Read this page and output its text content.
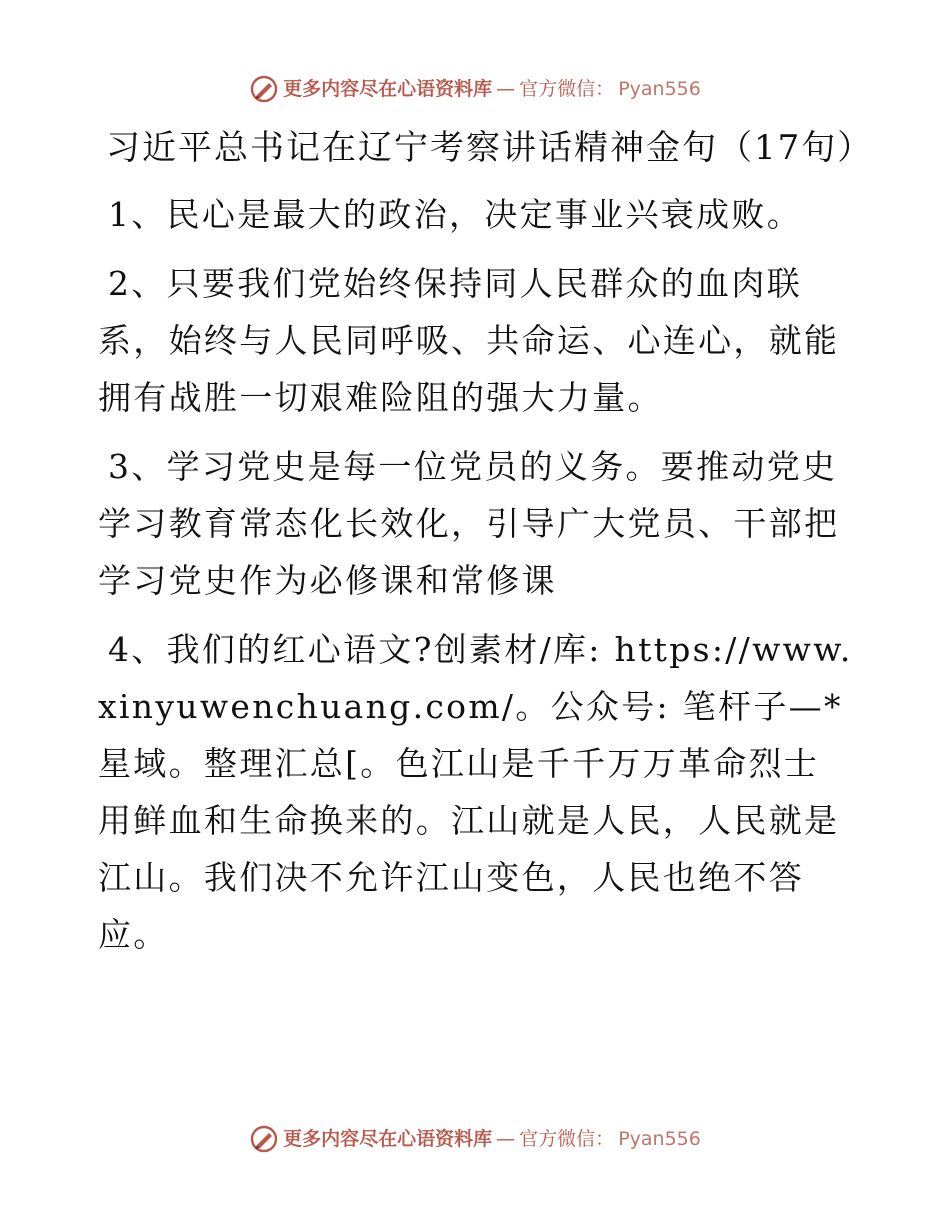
更多内容尽在心语资料库 — 官方微信： Pyan556
习近平总书记在辽宁考察讲话精神金句（17句）

1、民心是最大的政治，决定事业兴衰成败。

2、只要我们党始终保持同人民群众的血肉联系，始终与人民同呼吸、共命运、心连心，就能拥有战胜一切艰难险阻的强大力量。

3、学习党史是每一位党员的义务。要推动党史学习教育常态化长效化，引导广大党员、干部把学习党史作为必修课和常修课

4、我们的红心语文?创素材/库: https://www.xinyuwenchuang.com/。公众号: 笔杆子—*星域。整理汇总[。色江山是千千万万革命烈士用鲜血和生命换来的。江山就是人民，人民就是江山。我们决不允许江山变色，人民也绝不答应。

更多内容尽在心语资料库 — 官方微信： Pyan556
